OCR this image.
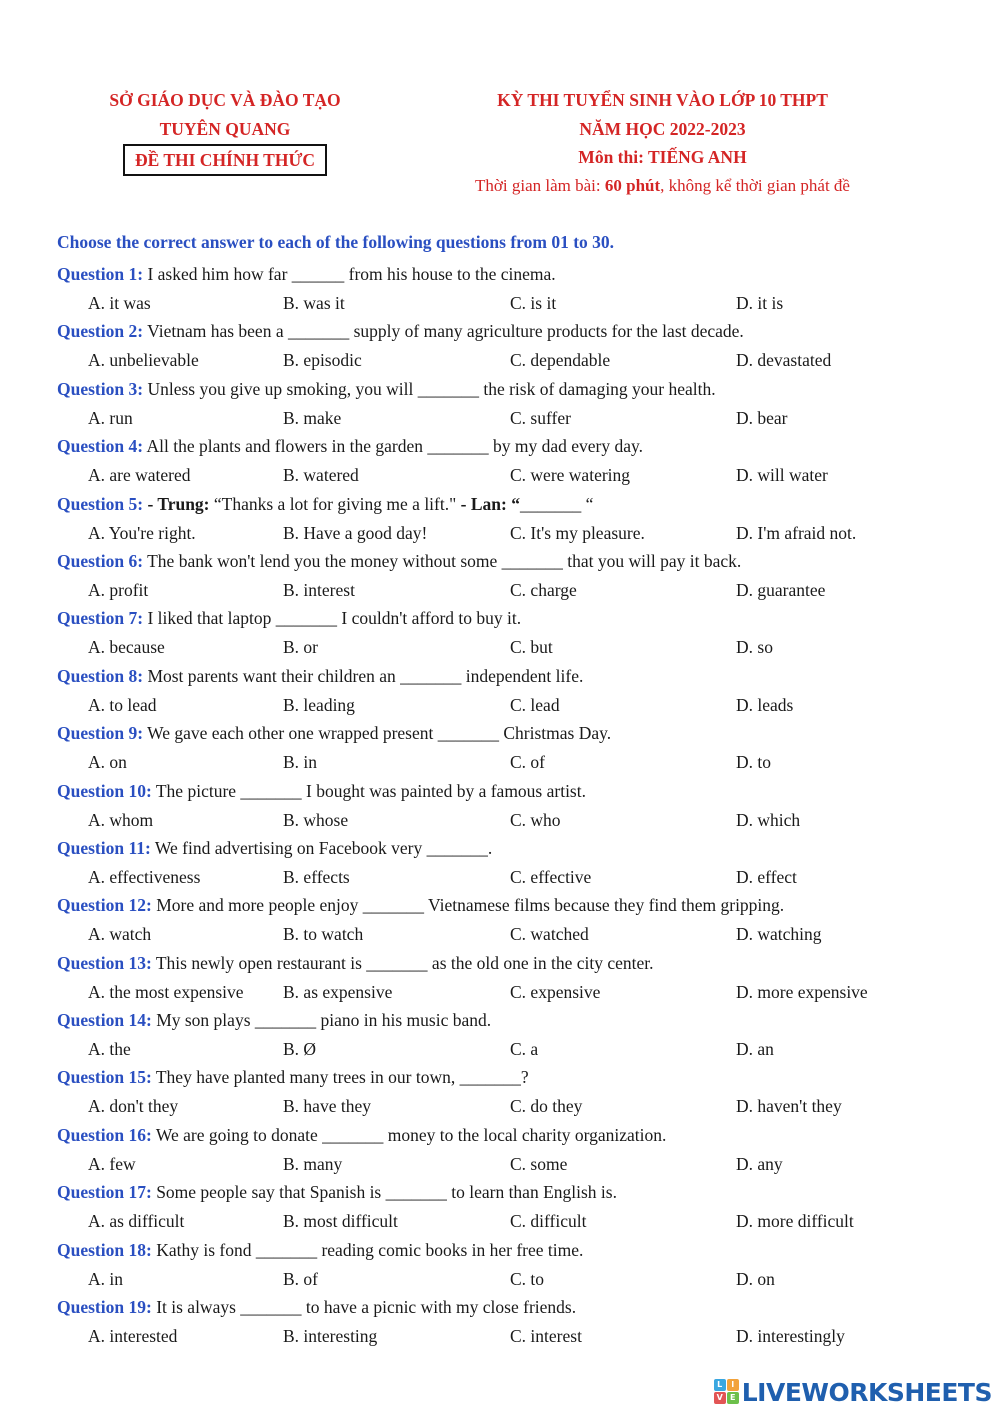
SỞ GIÁO DỤC VÀ ĐÀO TẠO
TUYÊN QUANG
ĐỀ THI CHÍNH THỨC
KỲ THI TUYỂN SINH VÀO LỚP 10 THPT
NĂM HỌC 2022-2023
Môn thi: TIẾNG ANH
Thời gian làm bài: 60 phút, không kể thời gian phát đề
Choose the correct answer to each of the following questions from 01 to 30.
Question 1: I asked him how far ______ from his house to the cinema.
A. it was	B. was it	C. is it	D. it is
Question 2: Vietnam has been a _______ supply of many agriculture products for the last decade.
A. unbelievable	B. episodic	C. dependable	D. devastated
Question 3: Unless you give up smoking, you will _______ the risk of damaging your health.
A. run	B. make	C. suffer	D. bear
Question 4: All the plants and flowers in the garden _______ by my dad every day.
A. are watered	B. watered	C. were watering	D. will water
Question 5: - Trung: “Thanks a lot for giving me a lift." - Lan: “_______ “
A. You're right.	B. Have a good day!	C. It's my pleasure.	D. I'm afraid not.
Question 6: The bank won't lend you the money without some _______ that you will pay it back.
A. profit	B. interest	C. charge	D. guarantee
Question 7: I liked that laptop _______ I couldn't afford to buy it.
A. because	B. or	C. but	D. so
Question 8: Most parents want their children an _______ independent life.
A. to lead	B. leading	C. lead	D. leads
Question 9: We gave each other one wrapped present _______ Christmas Day.
A. on	B. in	C. of	D. to
Question 10: The picture _______ I bought was painted by a famous artist.
A. whom	B. whose	C. who	D. which
Question 11: We find advertising on Facebook very _______.
A. effectiveness	B. effects	C. effective	D. effect
Question 12: More and more people enjoy _______ Vietnamese films because they find them gripping.
A. watch	B. to watch	C. watched	D. watching
Question 13: This newly open restaurant is _______ as the old one in the city center.
A. the most expensive B. as expensive	C. expensive	D. more expensive
Question 14: My son plays _______ piano in his music band.
A. the	B. Ø	C. a	D. an
Question 15: They have planted many trees in our town, _______?
A. don't they	B. have they	C. do they	D. haven't they
Question 16: We are going to donate _______ money to the local charity organization.
A. few	B. many	C. some	D. any
Question 17: Some people say that Spanish is _______ to learn than English is.
A. as difficult	B. most difficult	C. difficult	D. more difficult
Question 18: Kathy is fond _______ reading comic books in her free time.
A. in	B. of	C. to	D. on
Question 19: It is always _______ to have a picnic with my close friends.
A. interested	B. interesting	C. interest	D. interestingly
L	I
V E LIVEWORKSHEETS
